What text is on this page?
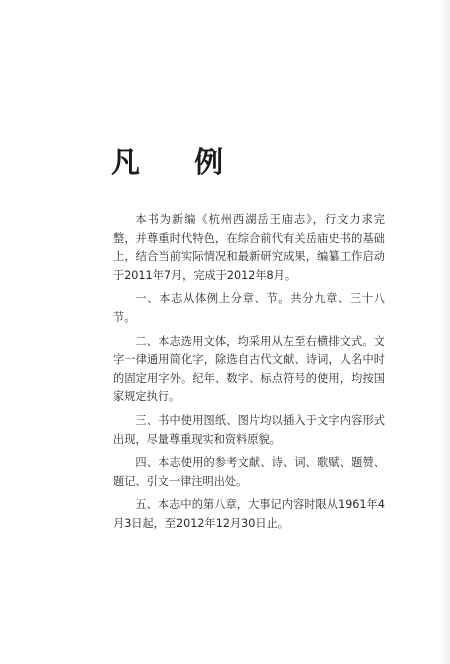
凡 例

本书为新编《杭州西湖岳王庙志》，行文力求完整，并尊重时代特色，在综合前代有关岳庙史书的基础上，结合当前实际情况和最新研究成果，编纂工作启动于2011年7月，完成于2012年8月。

一、本志从体例上分章、节。共分九章、三十八节。

二、本志选用文体，均采用从左至右横排文式。文字一律通用简化字，除选自古代文献、诗词，人名中时的固定用字外。纪年、数字、标点符号的使用，均按国家规定执行。

三、书中使用图纸、图片均以插入于文字内容形式出现，尽量尊重现实和资料原貌。

四、本志使用的参考文献、诗、词、歌赋、题赞、题记、引文一律注明出处。

五、本志中的第八章，大事记内容时限从1961年4月3日起，至2012年12月30日止。
